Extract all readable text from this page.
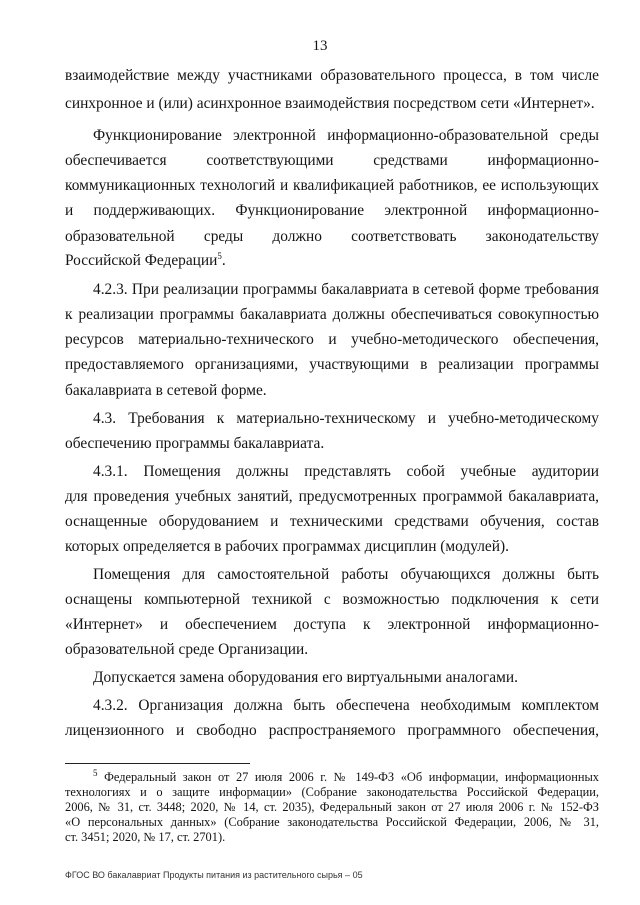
13
взаимодействие между участниками образовательного процесса, в том числе
синхронное и (или) асинхронное взаимодействия посредством сети «Интернет».
Функционирование электронной информационно-образовательной среды
обеспечивается соответствующими средствами информационно-
коммуникационных технологий и квалификацией работников, ее использующих
и поддерживающих. Функционирование электронной информационно-
образовательной среды должно соответствовать законодательству
Российской Федерации$^5$.
4.2.3. При реализации программы бакалавриата в сетевой форме требования
к реализации программы бакалавриата должны обеспечиваться совокупностью
ресурсов материально-технического и учебно-методического обеспечения,
предоставляемого организациями, участвующими в реализации программы
бакалавриата в сетевой форме.
4.3. Требования к материально-техническому и учебно-методическому
обеспечению программы бакалавриата.
4.3.1. Помещения должны представлять собой учебные аудитории
для проведения учебных занятий, предусмотренных программой бакалавриата,
оснащенные оборудованием и техническими средствами обучения, состав
которых определяется в рабочих программах дисциплин (модулей).
Помещения для самостоятельной работы обучающихся должны быть
оснащены компьютерной техникой с возможностью подключения к сети
«Интернет» и обеспечением доступа к электронной информационно-
образовательной среде Организации.
Допускается замена оборудования его виртуальными аналогами.
4.3.2. Организация должна быть обеспечена необходимым комплектом
лицензионного и свободно распространяемого программного обеспечения,
$^5$ Федеральный закон от 27 июля 2006 г. № 149-ФЗ «Об информации, информационных
технологиях и о защите информации» (Собрание законодательства Российской Федерации,
2006, № 31, ст. 3448; 2020, № 14, ст. 2035), Федеральный закон от 27 июля 2006 г. № 152-ФЗ
«О персональных данных» (Собрание законодательства Российской Федерации, 2006, № 31,
ст. 3451; 2020, № 17, ст. 2701).
ФГОС ВО бакалавриат Продукты питания из растительного сырья – 05
